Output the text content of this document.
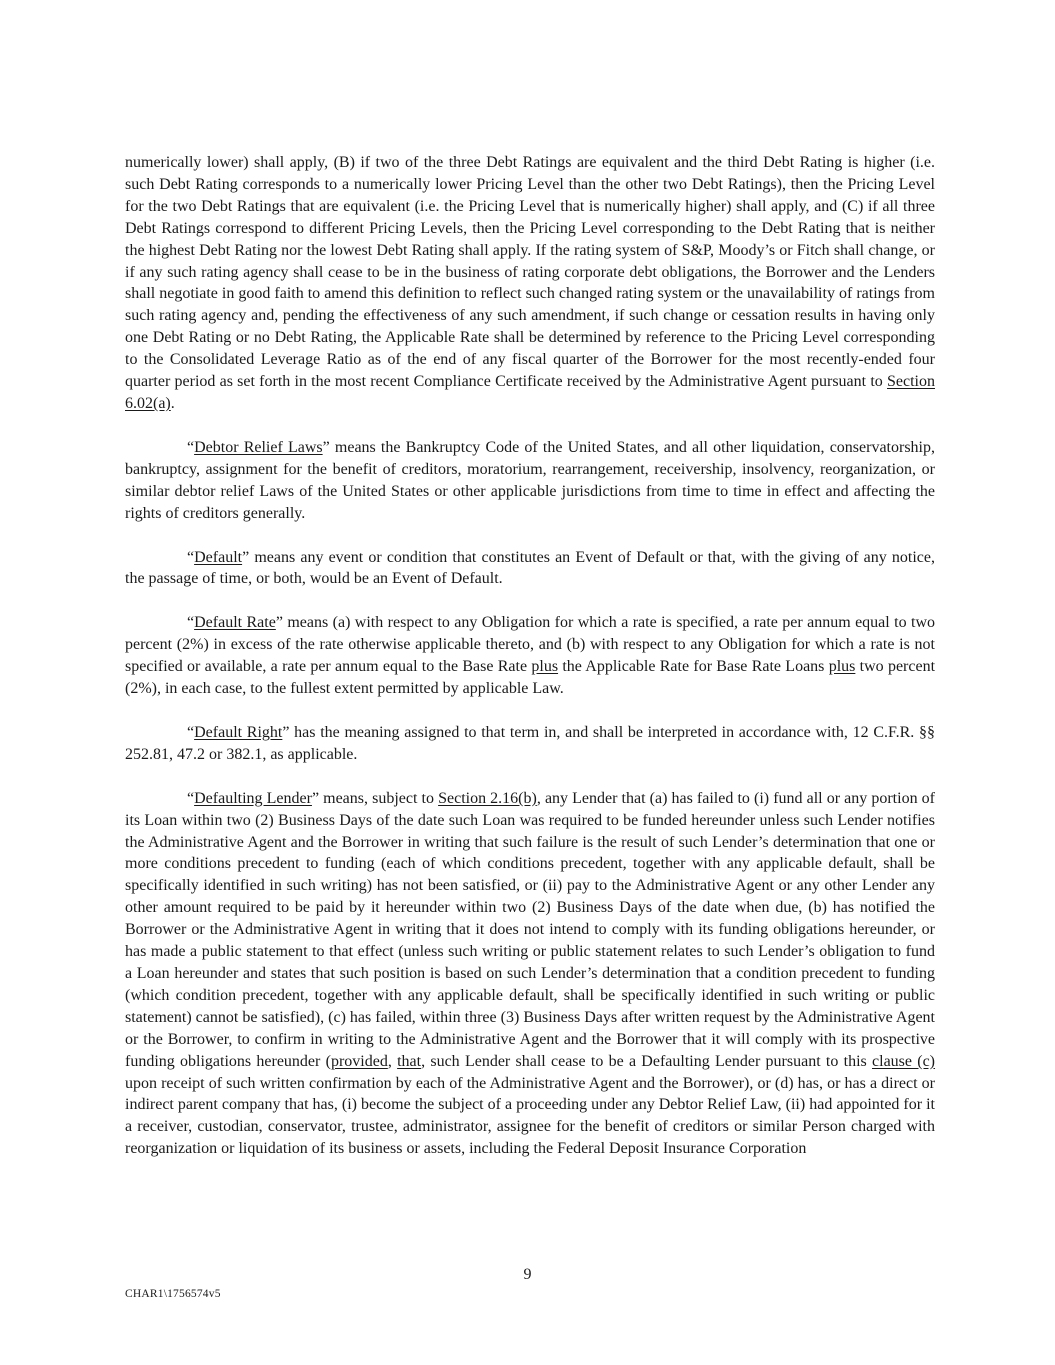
numerically lower) shall apply, (B) if two of the three Debt Ratings are equivalent and the third Debt Rating is higher (i.e. such Debt Rating corresponds to a numerically lower Pricing Level than the other two Debt Ratings), then the Pricing Level for the two Debt Ratings that are equivalent (i.e. the Pricing Level that is numerically higher) shall apply, and (C) if all three Debt Ratings correspond to different Pricing Levels, then the Pricing Level corresponding to the Debt Rating that is neither the highest Debt Rating nor the lowest Debt Rating shall apply. If the rating system of S&P, Moody’s or Fitch shall change, or if any such rating agency shall cease to be in the business of rating corporate debt obligations, the Borrower and the Lenders shall negotiate in good faith to amend this definition to reflect such changed rating system or the unavailability of ratings from such rating agency and, pending the effectiveness of any such amendment, if such change or cessation results in having only one Debt Rating or no Debt Rating, the Applicable Rate shall be determined by reference to the Pricing Level corresponding to the Consolidated Leverage Ratio as of the end of any fiscal quarter of the Borrower for the most recently-ended four quarter period as set forth in the most recent Compliance Certificate received by the Administrative Agent pursuant to Section 6.02(a).

“Debtor Relief Laws” means the Bankruptcy Code of the United States, and all other liquidation, conservatorship, bankruptcy, assignment for the benefit of creditors, moratorium, rearrangement, receivership, insolvency, reorganization, or similar debtor relief Laws of the United States or other applicable jurisdictions from time to time in effect and affecting the rights of creditors generally.

“Default” means any event or condition that constitutes an Event of Default or that, with the giving of any notice, the passage of time, or both, would be an Event of Default.

“Default Rate” means (a) with respect to any Obligation for which a rate is specified, a rate per annum equal to two percent (2%) in excess of the rate otherwise applicable thereto, and (b) with respect to any Obligation for which a rate is not specified or available, a rate per annum equal to the Base Rate plus the Applicable Rate for Base Rate Loans plus two percent (2%), in each case, to the fullest extent permitted by applicable Law.

“Default Right” has the meaning assigned to that term in, and shall be interpreted in accordance with, 12 C.F.R. §§ 252.81, 47.2 or 382.1, as applicable.

“Defaulting Lender” means, subject to Section 2.16(b), any Lender that (a) has failed to (i) fund all or any portion of its Loan within two (2) Business Days of the date such Loan was required to be funded hereunder unless such Lender notifies the Administrative Agent and the Borrower in writing that such failure is the result of such Lender’s determination that one or more conditions precedent to funding (each of which conditions precedent, together with any applicable default, shall be specifically identified in such writing) has not been satisfied, or (ii) pay to the Administrative Agent or any other Lender any other amount required to be paid by it hereunder within two (2) Business Days of the date when due, (b) has notified the Borrower or the Administrative Agent in writing that it does not intend to comply with its funding obligations hereunder, or has made a public statement to that effect (unless such writing or public statement relates to such Lender’s obligation to fund a Loan hereunder and states that such position is based on such Lender’s determination that a condition precedent to funding (which condition precedent, together with any applicable default, shall be specifically identified in such writing or public statement) cannot be satisfied), (c) has failed, within three (3) Business Days after written request by the Administrative Agent or the Borrower, to confirm in writing to the Administrative Agent and the Borrower that it will comply with its prospective funding obligations hereunder (provided, that, such Lender shall cease to be a Defaulting Lender pursuant to this clause (c) upon receipt of such written confirmation by each of the Administrative Agent and the Borrower), or (d) has, or has a direct or indirect parent company that has, (i) become the subject of a proceeding under any Debtor Relief Law, (ii) had appointed for it a receiver, custodian, conservator, trustee, administrator, assignee for the benefit of creditors or similar Person charged with reorganization or liquidation of its business or assets, including the Federal Deposit Insurance Corporation

9
CHAR1\1756574v5
